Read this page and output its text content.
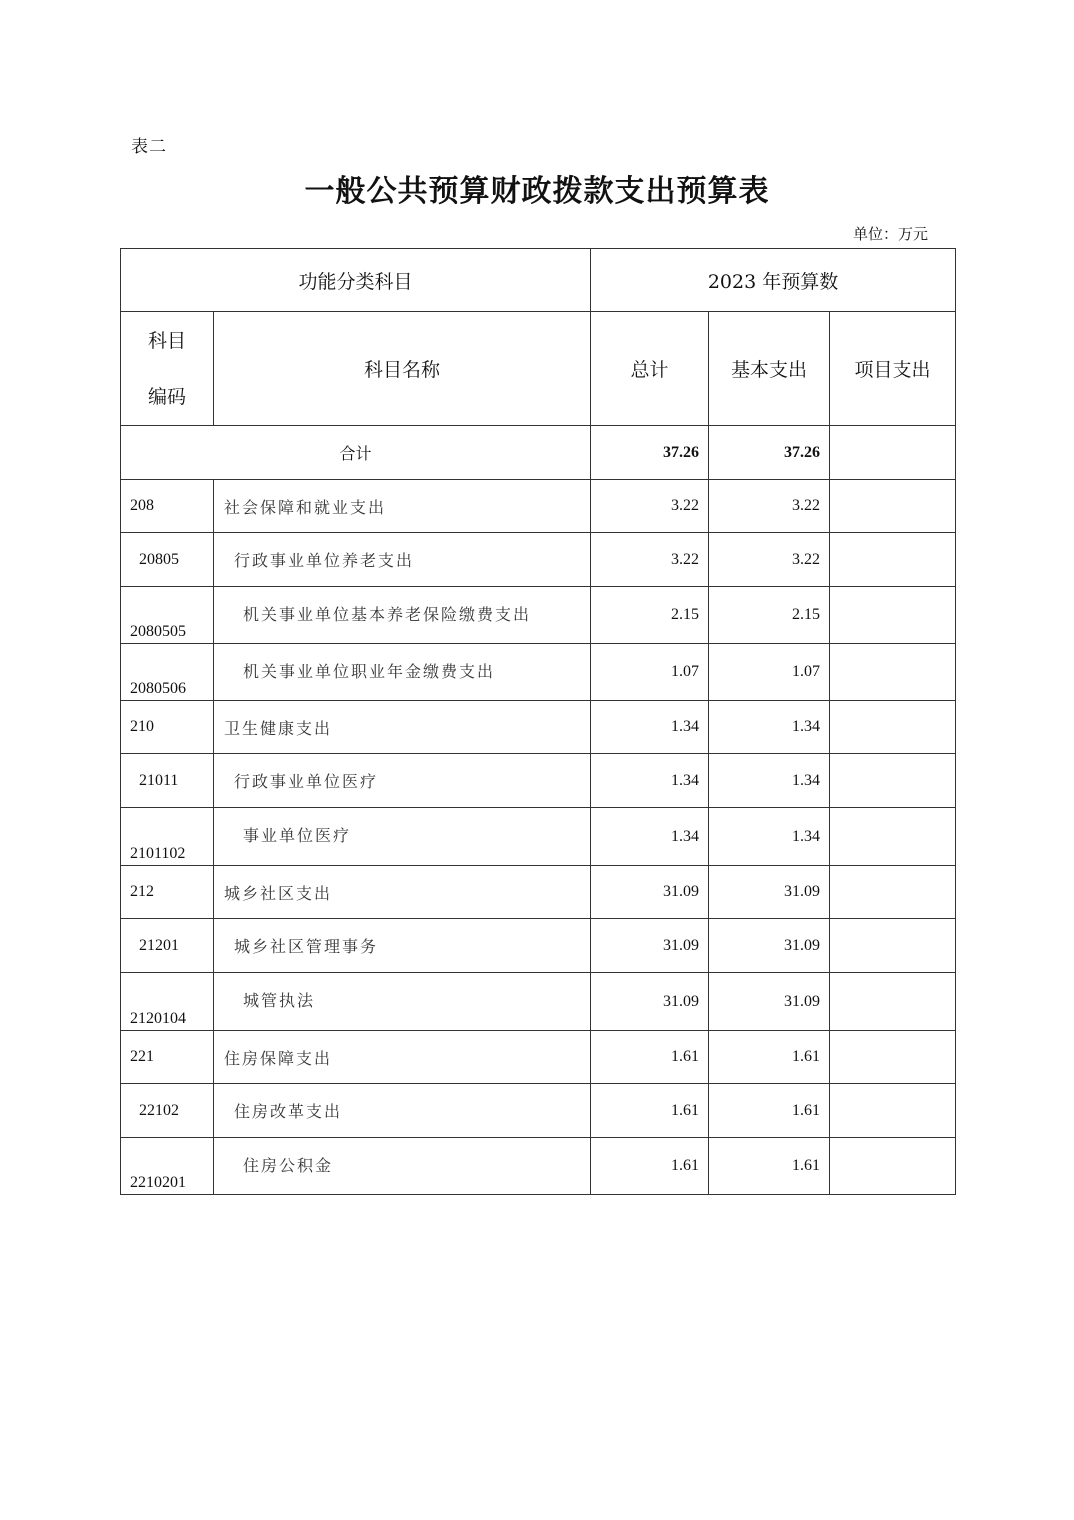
表二
一般公共预算财政拨款支出预算表
单位：万元
功能分类科目		2023 年预算数		

科目
编码	科目名称	总计	基本支出	项目支出
合计		37.26	37.26	
208	社会保障和就业支出	3.22	3.22	
20805	行政事业单位养老支出	3.22	3.22	
2080505	机关事业单位基本养老保险缴费支出	2.15	2.15	
2080506	机关事业单位职业年金缴费支出	1.07	1.07	
210	卫生健康支出	1.34	1.34	
21011	行政事业单位医疗	1.34	1.34	
2101102	事业单位医疗	1.34	1.34	
212	城乡社区支出	31.09	31.09	
21201	城乡社区管理事务	31.09	31.09	
2120104	城管执法	31.09	31.09	
221	住房保障支出	1.61	1.61	
22102	住房改革支出	1.61	1.61	
2210201	住房公积金	1.61	1.61	
